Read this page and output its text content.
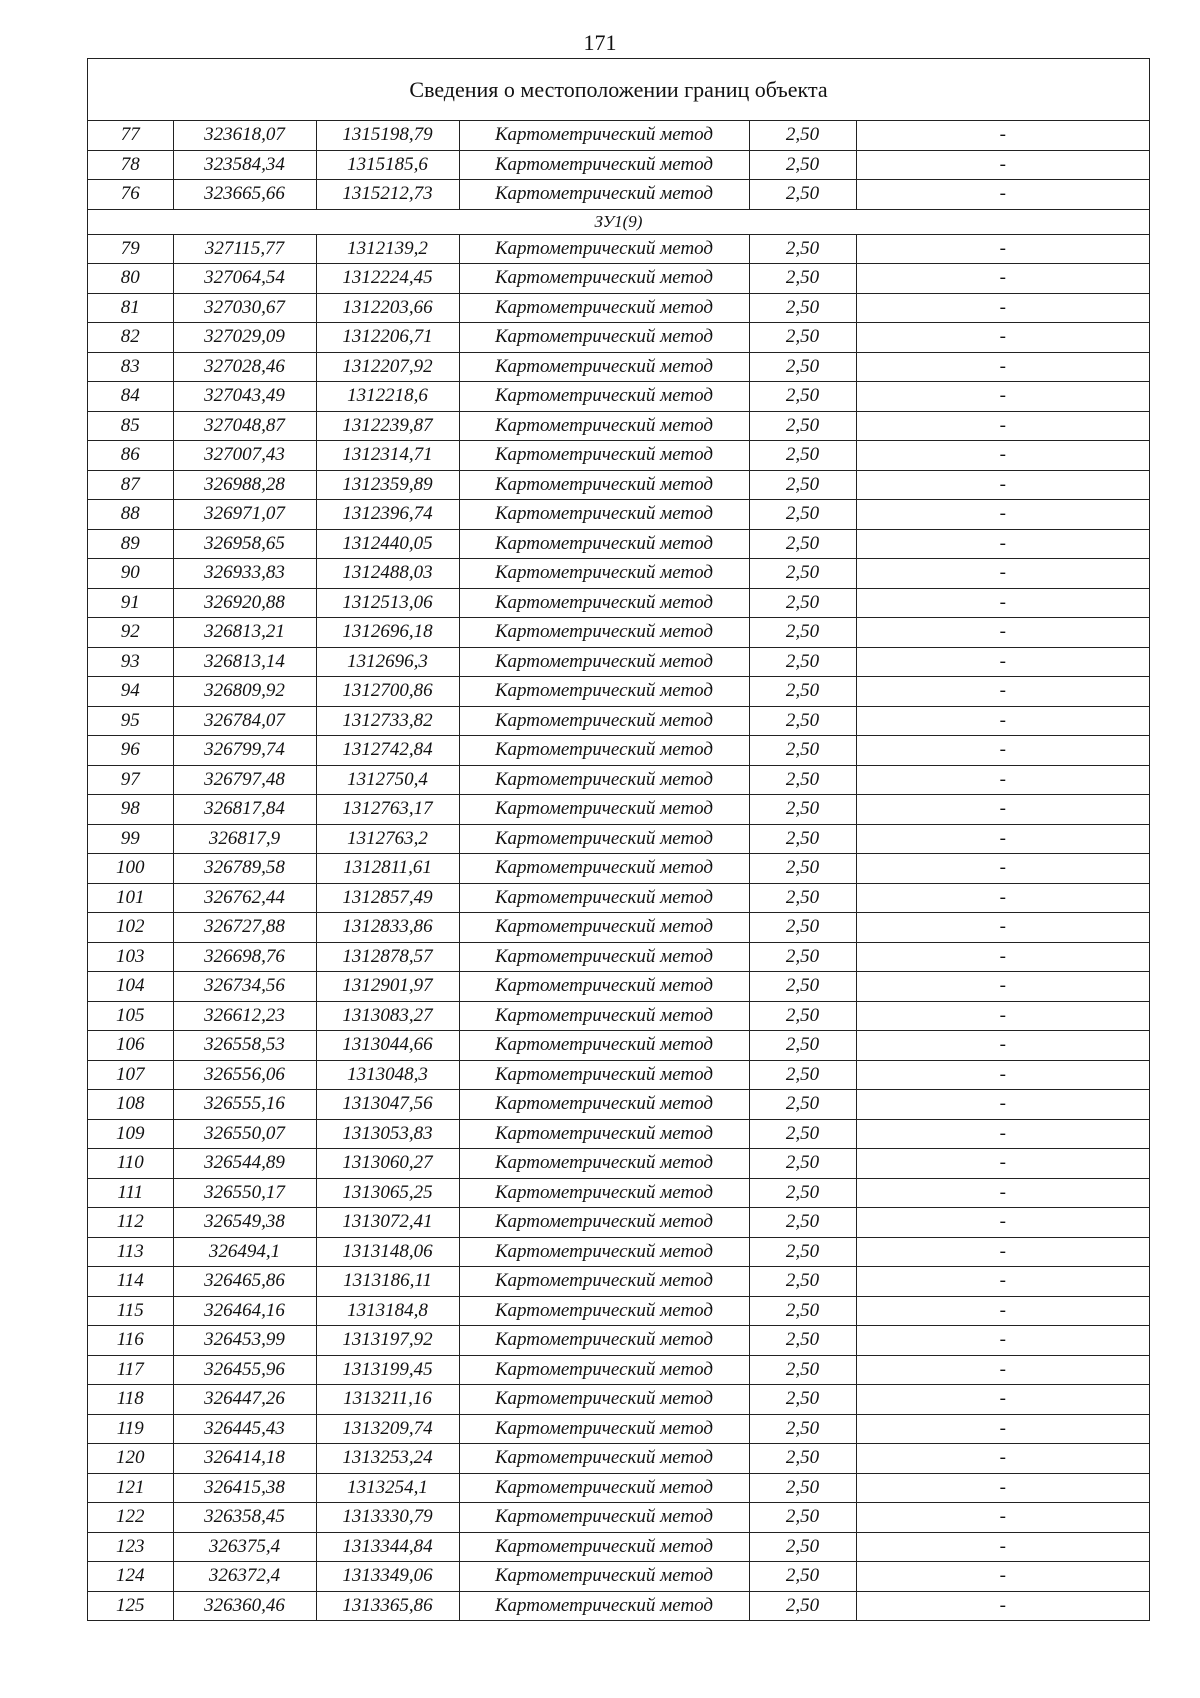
171
Сведения о местоположении границ объекта
77	323618,07	1315198,79	Картометрический метод	2,50	-
78	323584,34	1315185,6	Картометрический метод	2,50	-
76	323665,66	1315212,73	Картометрический метод	2,50	-
ЗУ1(9)					
79	327115,77	1312139,2	Картометрический метод	2,50	-
80	327064,54	1312224,45	Картометрический метод	2,50	-
81	327030,67	1312203,66	Картометрический метод	2,50	-
82	327029,09	1312206,71	Картометрический метод	2,50	-
83	327028,46	1312207,92	Картометрический метод	2,50	-
84	327043,49	1312218,6	Картометрический метод	2,50	-
85	327048,87	1312239,87	Картометрический метод	2,50	-
86	327007,43	1312314,71	Картометрический метод	2,50	-
87	326988,28	1312359,89	Картометрический метод	2,50	-
88	326971,07	1312396,74	Картометрический метод	2,50	-
89	326958,65	1312440,05	Картометрический метод	2,50	-
90	326933,83	1312488,03	Картометрический метод	2,50	-
91	326920,88	1312513,06	Картометрический метод	2,50	-
92	326813,21	1312696,18	Картометрический метод	2,50	-
93	326813,14	1312696,3	Картометрический метод	2,50	-
94	326809,92	1312700,86	Картометрический метод	2,50	-
95	326784,07	1312733,82	Картометрический метод	2,50	-
96	326799,74	1312742,84	Картометрический метод	2,50	-
97	326797,48	1312750,4	Картометрический метод	2,50	-
98	326817,84	1312763,17	Картометрический метод	2,50	-
99	326817,9	1312763,2	Картометрический метод	2,50	-
100	326789,58	1312811,61	Картометрический метод	2,50	-
101	326762,44	1312857,49	Картометрический метод	2,50	-
102	326727,88	1312833,86	Картометрический метод	2,50	-
103	326698,76	1312878,57	Картометрический метод	2,50	-
104	326734,56	1312901,97	Картометрический метод	2,50	-
105	326612,23	1313083,27	Картометрический метод	2,50	-
106	326558,53	1313044,66	Картометрический метод	2,50	-
107	326556,06	1313048,3	Картометрический метод	2,50	-
108	326555,16	1313047,56	Картометрический метод	2,50	-
109	326550,07	1313053,83	Картометрический метод	2,50	-
110	326544,89	1313060,27	Картометрический метод	2,50	-
111	326550,17	1313065,25	Картометрический метод	2,50	-
112	326549,38	1313072,41	Картометрический метод	2,50	-
113	326494,1	1313148,06	Картометрический метод	2,50	-
114	326465,86	1313186,11	Картометрический метод	2,50	-
115	326464,16	1313184,8	Картометрический метод	2,50	-
116	326453,99	1313197,92	Картометрический метод	2,50	-
117	326455,96	1313199,45	Картометрический метод	2,50	-
118	326447,26	1313211,16	Картометрический метод	2,50	-
119	326445,43	1313209,74	Картометрический метод	2,50	-
120	326414,18	1313253,24	Картометрический метод	2,50	-
121	326415,38	1313254,1	Картометрический метод	2,50	-
122	326358,45	1313330,79	Картометрический метод	2,50	-
123	326375,4	1313344,84	Картометрический метод	2,50	-
124	326372,4	1313349,06	Картометрический метод	2,50	-
125	326360,46	1313365,86	Картометрический метод	2,50	-
